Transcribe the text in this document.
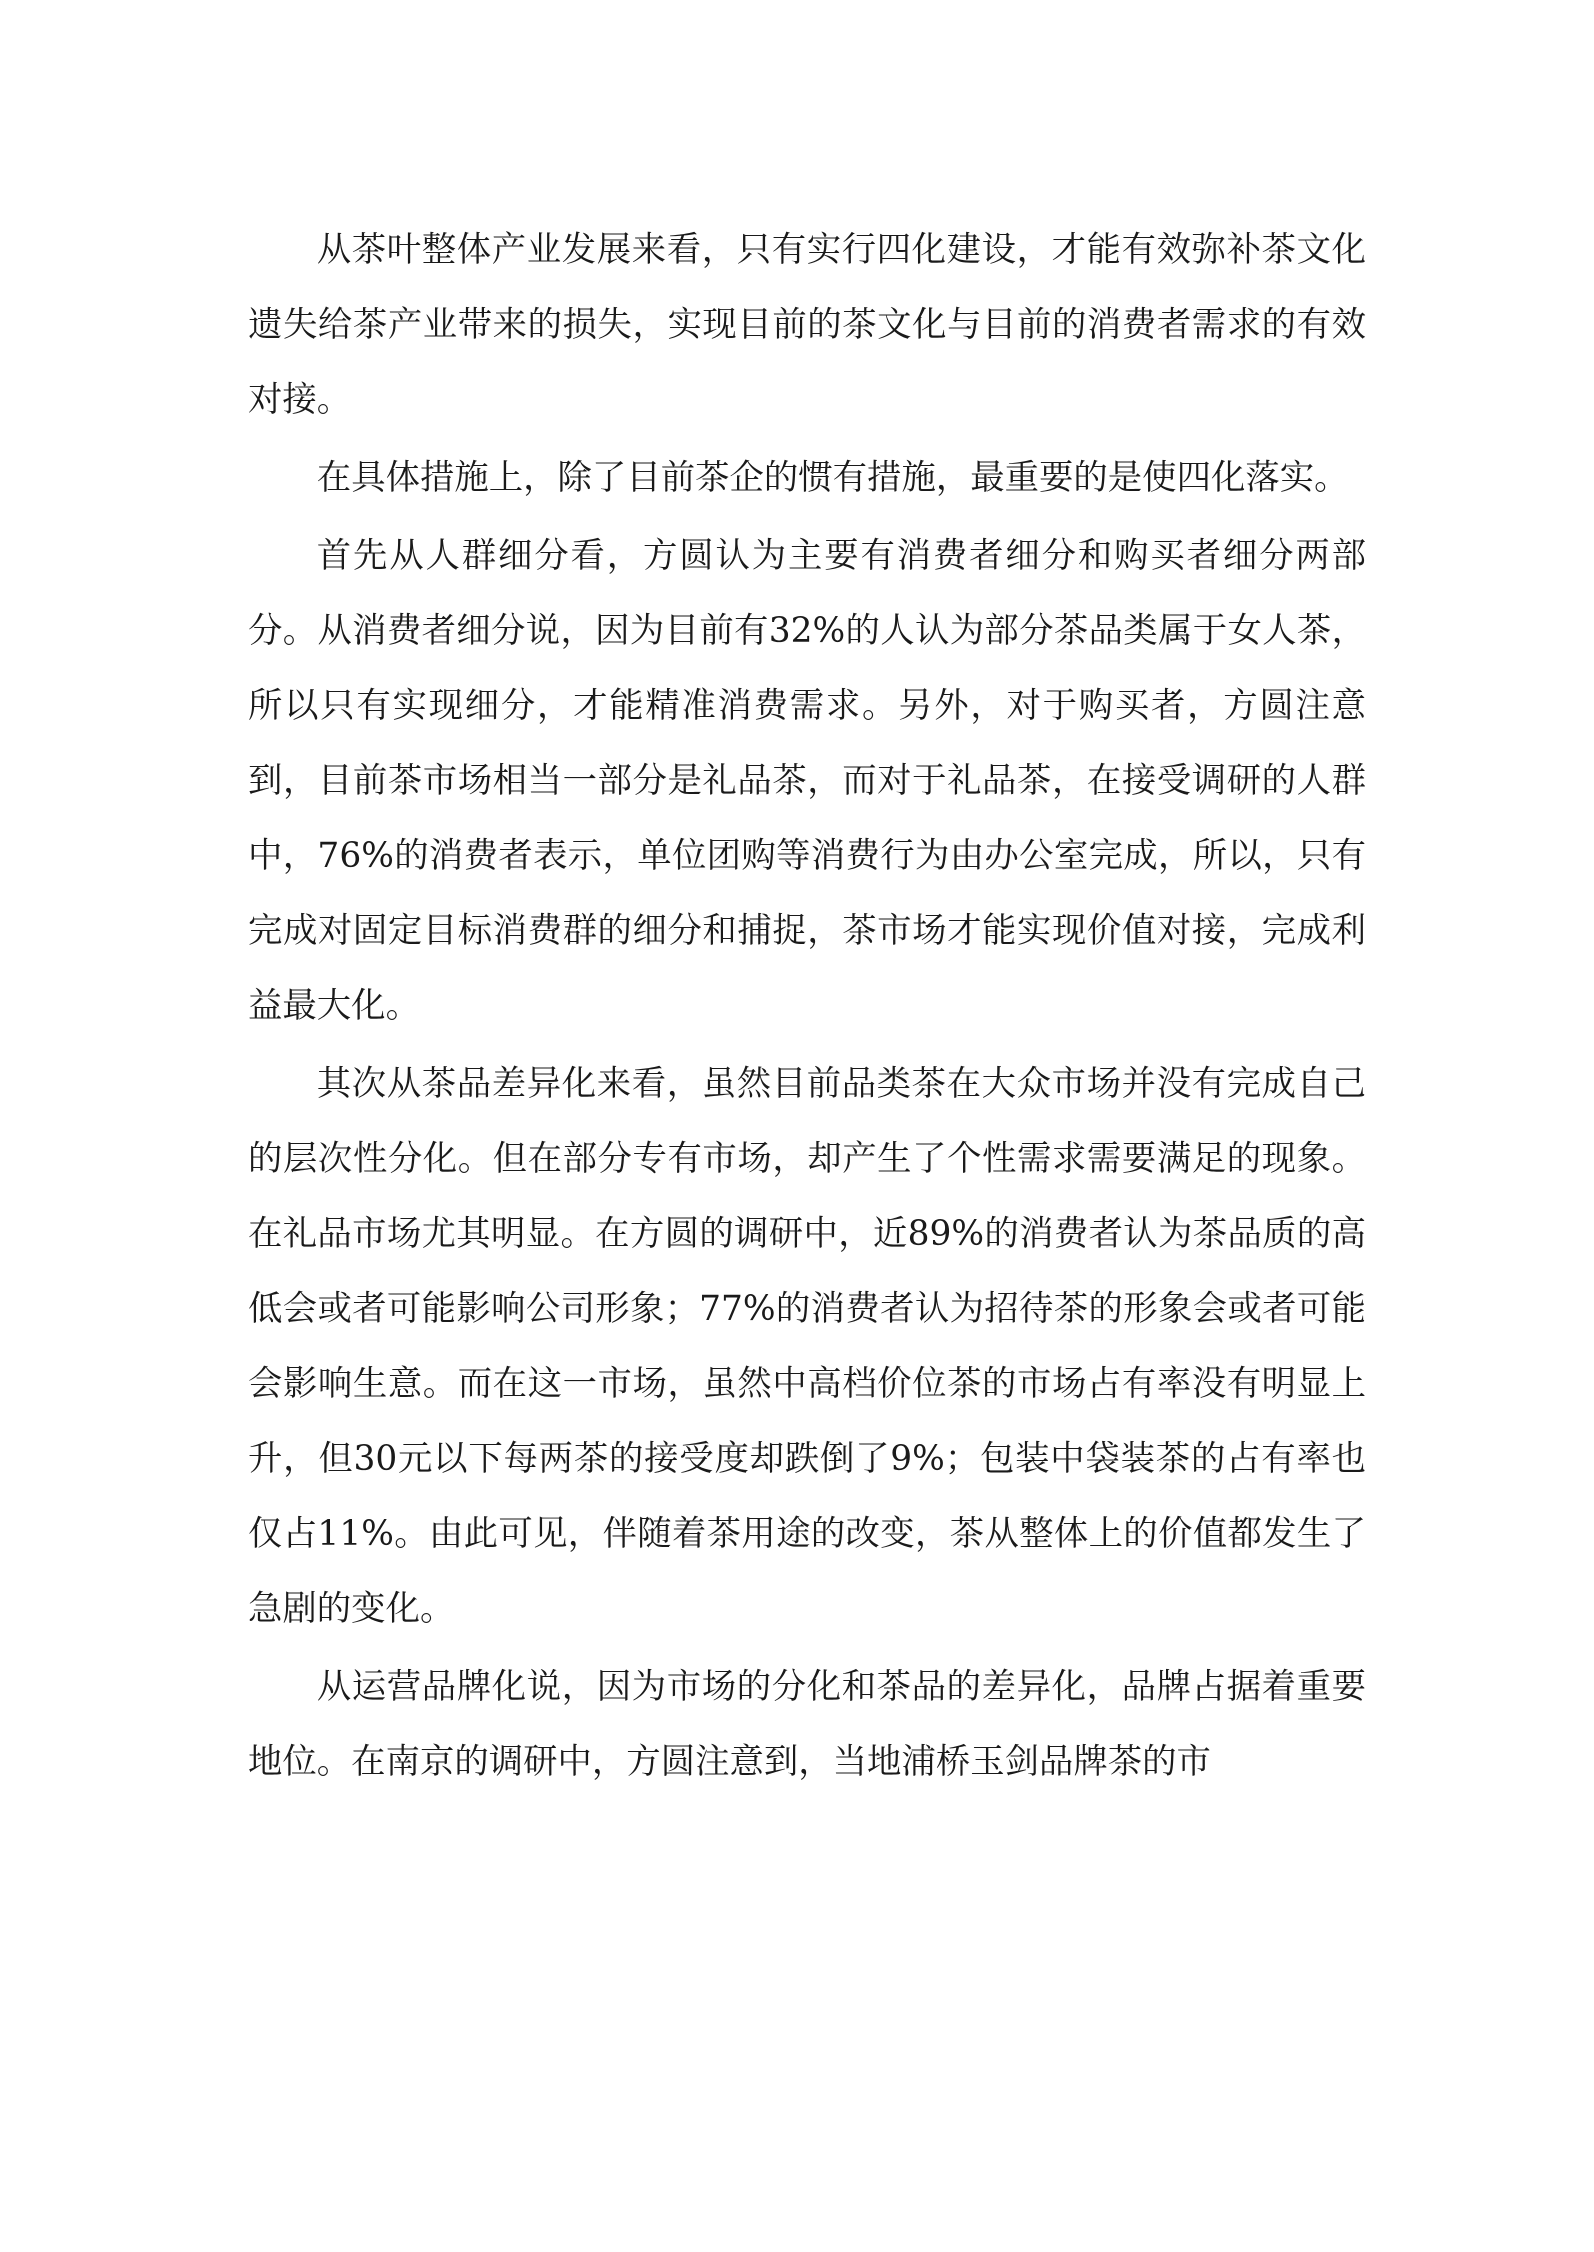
从茶叶整体产业发展来看，只有实行四化建设，才能有效弥补茶文化遗失给茶产业带来的损失，实现目前的茶文化与目前的消费者需求的有效对接。

在具体措施上，除了目前茶企的惯有措施，最重要的是使四化落实。

首先从人群细分看，方圆认为主要有消费者细分和购买者细分两部分。从消费者细分说，因为目前有32%的人认为部分茶品类属于女人茶，所以只有实现细分，才能精准消费需求。另外，对于购买者，方圆注意到，目前茶市场相当一部分是礼品茶，而对于礼品茶，在接受调研的人群中，76%的消费者表示，单位团购等消费行为由办公室完成，所以，只有完成对固定目标消费群的细分和捕捉，茶市场才能实现价值对接，完成利益最大化。

其次从茶品差异化来看，虽然目前品类茶在大众市场并没有完成自己的层次性分化。但在部分专有市场，却产生了个性需求需要满足的现象。在礼品市场尤其明显。在方圆的调研中，近89%的消费者认为茶品质的高低会或者可能影响公司形象；77%的消费者认为招待茶的形象会或者可能会影响生意。而在这一市场，虽然中高档价位茶的市场占有率没有明显上升，但30元以下每两茶的接受度却跌倒了9%；包装中袋装茶的占有率也仅占11%。由此可见，伴随着茶用途的改变，茶从整体上的价值都发生了急剧的变化。

从运营品牌化说，因为市场的分化和茶品的差异化，品牌占据着重要地位。在南京的调研中，方圆注意到，当地浦桥玉剑品牌茶的市
